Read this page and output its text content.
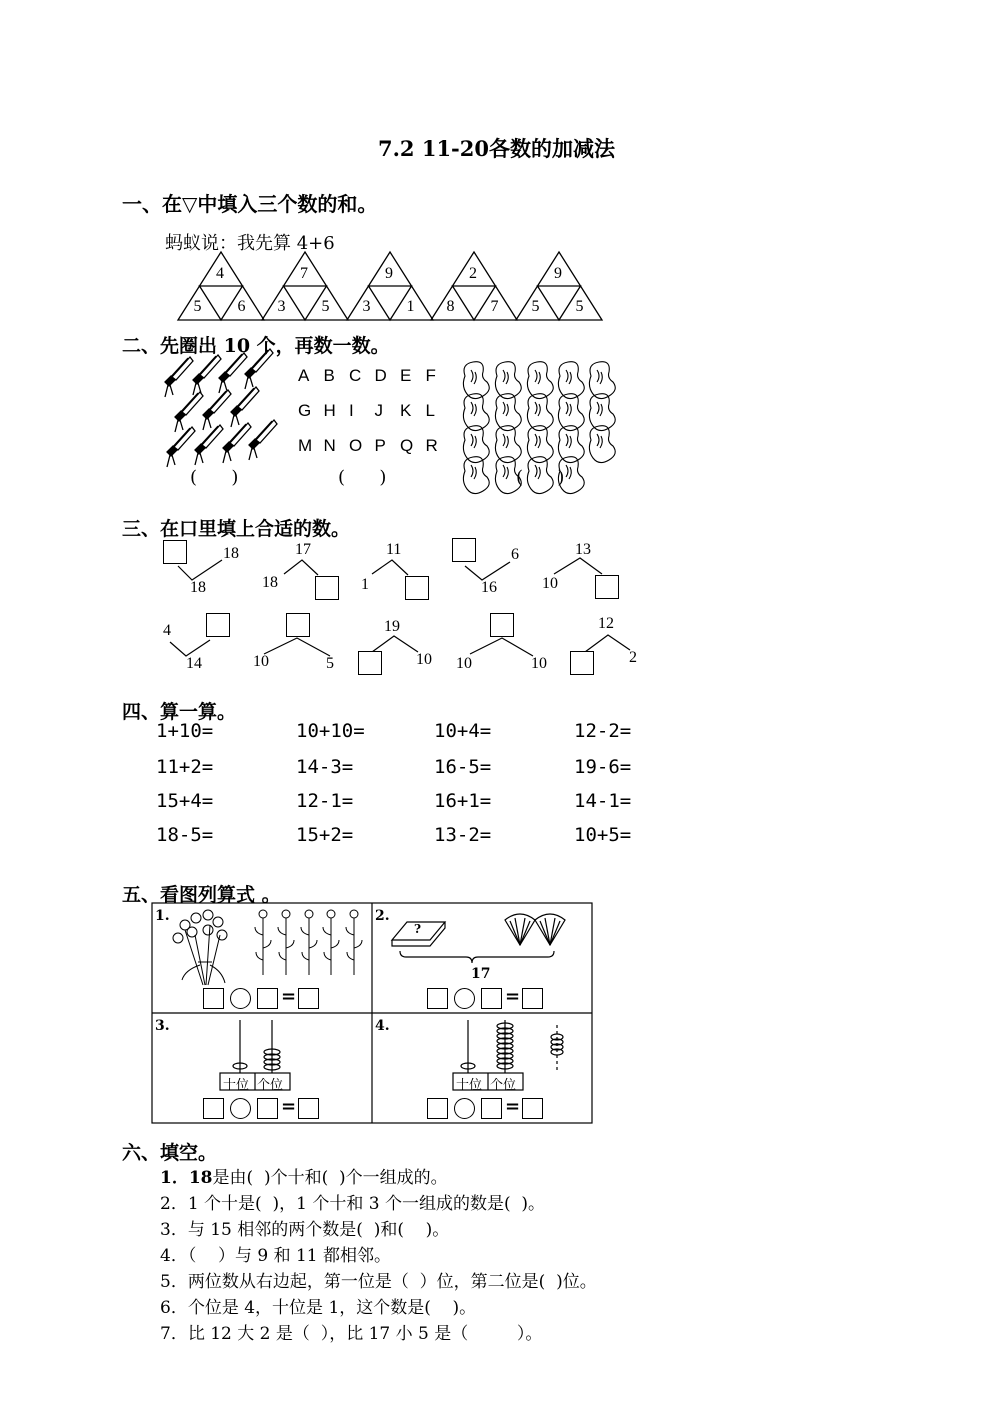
7.2 11-20各数的加减法
一、在▽中填入三个数的和。
蚂蚁说：我先算 4+6
4
5 6
7
3 5
9
3 1
2
8 7
9
5 5
二、先圈出 10 个，再数一数。
A B C D E F
G H I J K L
M N O P Q R
(      )	(      )	(      )
三、在口里填上合适的数。
18
18
17
18
11
1
6
16
13
10
4
14	10	5
19
10 10	10
12
2
四、算一算。
1+10=	10+10=	10+4=	12-2=
11+2=	14-3=	16-5=	19-6=
15+4=	12-1=	16+1=	14-1=
18-5=	15+2=	13-2=	10+5=
五、看图列算式 。
1.	2.
3.	4.
?
17
十位 个位	十位 个位
=	=
=	=
六、填空。
1．18是由(  )个十和(  )个一组成的。
2．1 个十是(  )，1 个十和 3 个一组成的数是(  )。
3．与 15 相邻的两个数是(  )和(    )。
4．（    ）与 9 和 11 都相邻。
5．两位数从右边起，第一位是（  ）位，第二位是(  )位。
6．个位是 4，十位是 1，这个数是(    )。
7．比 12 大 2 是（  ），比 17 小 5 是（         ）。
